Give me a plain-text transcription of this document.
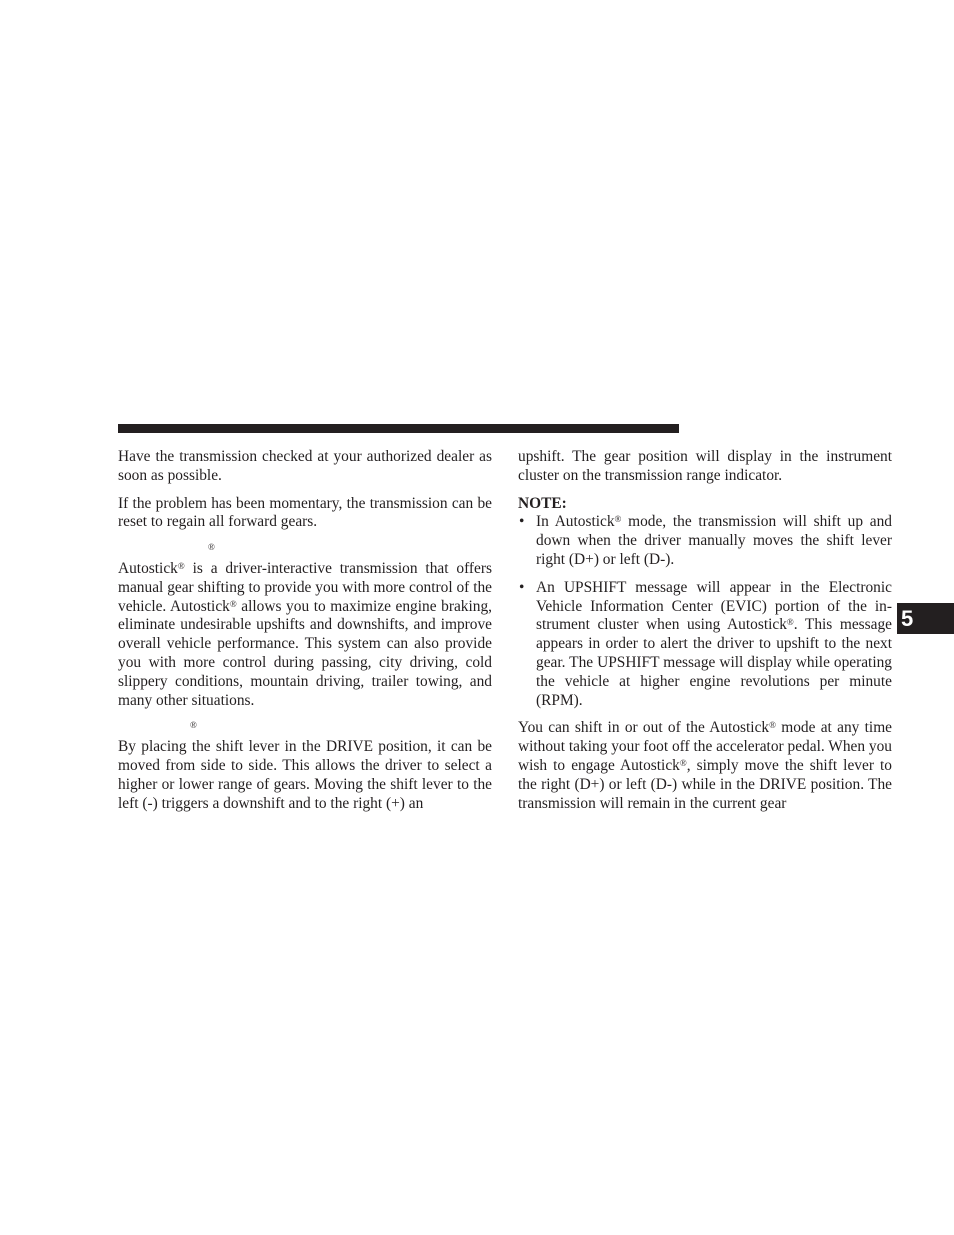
Have the transmission checked at your authorized dealer as soon as possible.

If the problem has been momentary, the transmission can be reset to regain all forward gears.

®

Autostick® is a driver-interactive transmission that offers manual gear shifting to provide you with more control of the vehicle. Autostick® allows you to maximize engine braking, eliminate undesirable upshifts and downshifts, and improve overall vehicle performance. This system can also provide you with more control during passing, city driving, cold slippery conditions, mountain driving, trailer towing, and many other situations.

®

By placing the shift lever in the DRIVE position, it can be moved from side to side. This allows the driver to select a higher or lower range of gears. Moving the shift lever to the left (-) triggers a downshift and to the right (+) an

upshift. The gear position will display in the instrument cluster on the transmission range indicator.

NOTE:

• In Autostick® mode, the transmission will shift up and down when the driver manually moves the shift lever right (D+) or left (D-).
• An UPSHIFT message will appear in the Electronic Vehicle Information Center (EVIC) portion of the in-strument cluster when using Autostick®. This message appears in order to alert the driver to upshift to the next gear. The UPSHIFT message will display while operating the vehicle at higher engine revolutions per minute (RPM).

You can shift in or out of the Autostick® mode at any time without taking your foot off the accelerator pedal. When you wish to engage Autostick®, simply move the shift lever to the right (D+) or left (D-) while in the DRIVE position. The transmission will remain in the current gear

5
